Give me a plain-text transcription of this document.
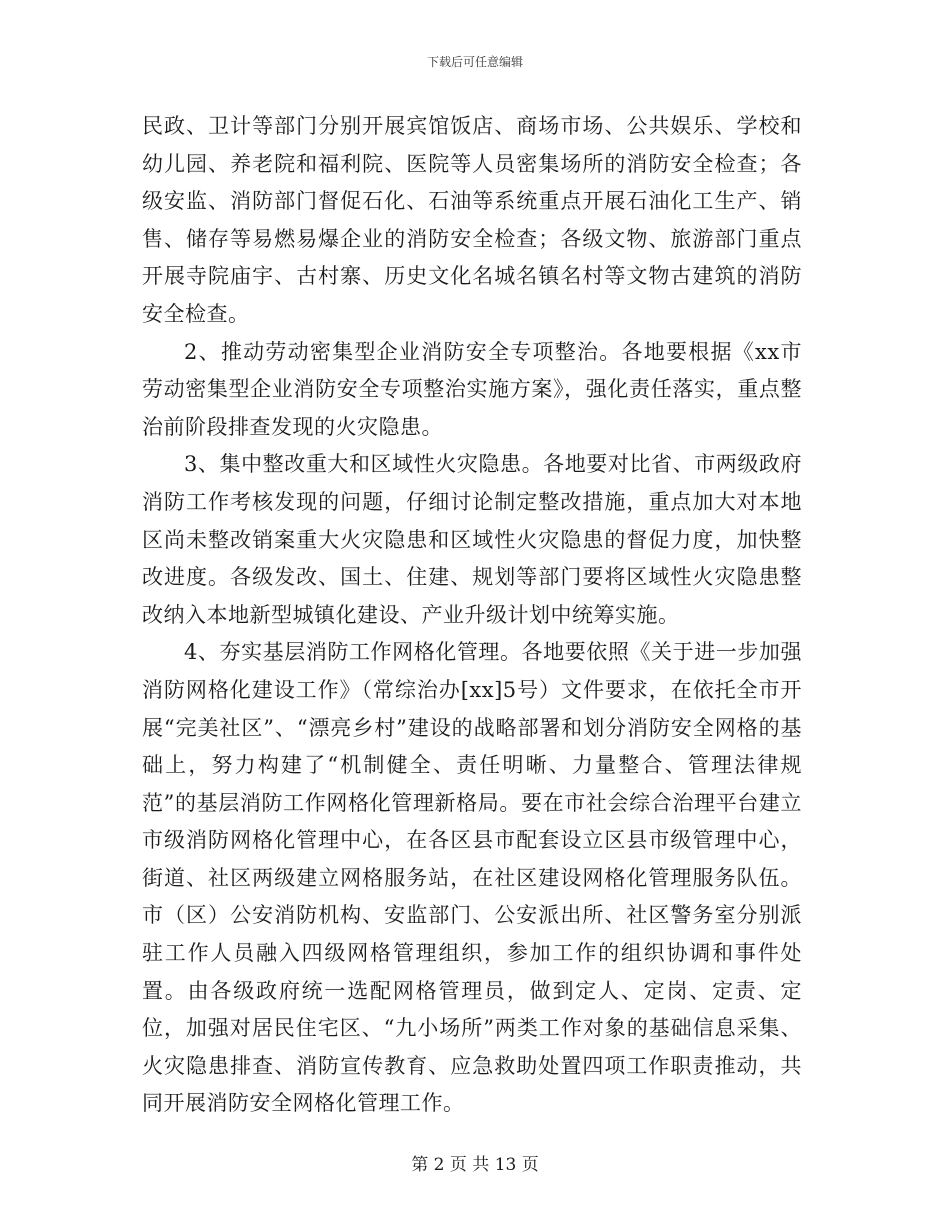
下载后可任意编辑

民政、卫计等部门分别开展宾馆饭店、商场市场、公共娱乐、学校和幼儿园、养老院和福利院、医院等人员密集场所的消防安全检查；各级安监、消防部门督促石化、石油等系统重点开展石油化工生产、销售、储存等易燃易爆企业的消防安全检查；各级文物、旅游部门重点开展寺院庙宇、古村寨、历史文化名城名镇名村等文物古建筑的消防安全检查。

2、推动劳动密集型企业消防安全专项整治。各地要根据《xx市劳动密集型企业消防安全专项整治实施方案》，强化责任落实，重点整治前阶段排查发现的火灾隐患。

3、集中整改重大和区域性火灾隐患。各地要对比省、市两级政府消防工作考核发现的问题，仔细讨论制定整改措施，重点加大对本地区尚未整改销案重大火灾隐患和区域性火灾隐患的督促力度，加快整改进度。各级发改、国土、住建、规划等部门要将区域性火灾隐患整改纳入本地新型城镇化建设、产业升级计划中统筹实施。

4、夯实基层消防工作网格化管理。各地要依照《关于进一步加强消防网格化建设工作》（常综治办[xx]5号）文件要求，在依托全市开展“完美社区”、“漂亮乡村”建设的战略部署和划分消防安全网格的基础上，努力构建了“机制健全、责任明晰、力量整合、管理法律规范”的基层消防工作网格化管理新格局。要在市社会综合治理平台建立市级消防网格化管理中心，在各区县市配套设立区县市级管理中心，街道、社区两级建立网格服务站，在社区建设网格化管理服务队伍。市（区）公安消防机构、安监部门、公安派出所、社区警务室分别派驻工作人员融入四级网格管理组织，参加工作的组织协调和事件处置。由各级政府统一选配网格管理员，做到定人、定岗、定责、定位，加强对居民住宅区、“九小场所”两类工作对象的基础信息采集、火灾隐患排查、消防宣传教育、应急救助处置四项工作职责推动，共同开展消防安全网格化管理工作。

第 2 页 共 13 页
